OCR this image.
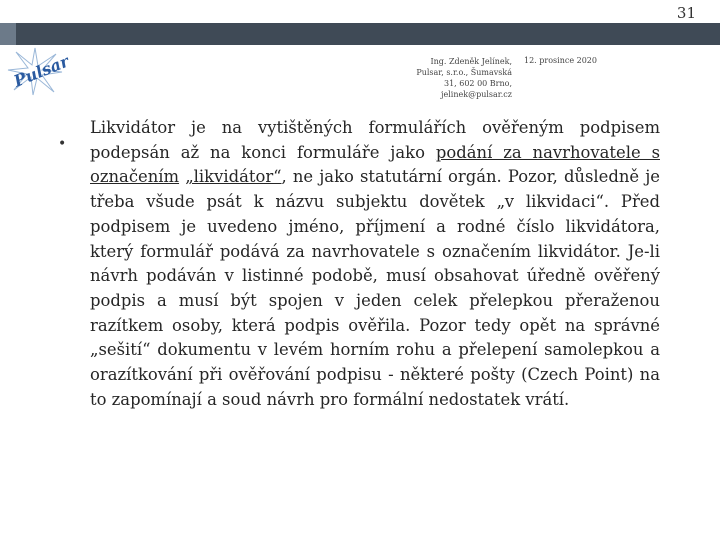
31
Pulsar	Ing. Zdeněk Jelínek,
Pulsar, s.r.o., Šumavská
31, 602 00 Brno,
jelinek@pulsar.cz
12. prosince 2020
•
Likvidátor je na vytištěných formulářích ověřeným podpisem podepsán až na konci formuláře jako podání za navrhovatele s označením „likvidátor“, ne jako statutární orgán. Pozor, důsledně je třeba všude psát k názvu subjektu dovětek „v likvidaci“. Před podpisem je uvedeno jméno, příjmení a rodné číslo likvidátora, který formulář podává za navrhovatele s označením likvidátor. Je-li návrh podáván v listinné podobě, musí obsahovat úředně ověřený podpis a musí být spojen v jeden celek přelepkou přeraženou razítkem osoby, která podpis ověřila. Pozor tedy opět na správné „sešití“ dokumentu v levém horním rohu a přelepení samolepkou a orazítkování při ověřování podpisu - některé pošty (Czech Point) na to zapomínají a soud návrh pro formální nedostatek vrátí.
